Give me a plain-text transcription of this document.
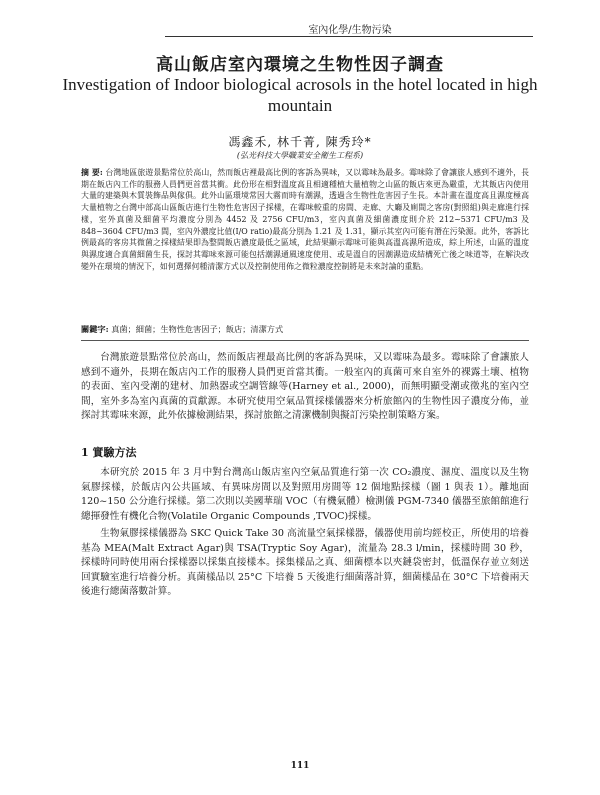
室內化學/生物污染
高山飯店室內環境之生物性因子調查
Investigation of Indoor biological acrosols in the hotel located in high mountain
馮鑫禾, 林千菁, 陳秀玲*
(弘光科技大學職業安全衛生工程系)

摘 要: 台灣地區旅遊景點常位於高山，然而飯店裡最高比例的客訴為異味，又以霉味為最多。霉味除了會讓旅人感到不適外，長期在飯店內工作的服務人員們更首當其衝。此份形在相對溫度高且相適種植大量植物之山區的飯店來更為嚴重，尤其飯店內使用大量的建築與木質裝飾品與傢俱。此外山區環境常因大霧而時有潮濕，透過含生物性危害因子生長。本計畫在溫度高且濕度極高大量植物之台灣中部高山區飯店進行生物性危害因子採樣，在霉味較重的房間、走廊、大廳及廁間之客房(對照組)與走廊進行採樣，室外真菌及細菌平均濃度分別為 4452 及 2756 CFU/m3，室內真菌及細菌濃度則介於 212~5371 CFU/m3 及 848~3604 CFU/m3 間，室內外濃度比值(I/O ratio)最高分別為 1.21 及 1.31，顯示其室內可能有潛在污染源。此外，客訴比例最高的客房其微菌之採樣結果即為整間飯店濃度最低之區域，此結果顯示霉味可能與高溫高濕所造成，綜上所述，山區的溫度與濕度適合真菌細菌生長，探討其霉味來源可能包括潮濕通風速度使用、或是溫自的因潮濕造成結構死亡後之味道等，在解決改變外在環境的情況下，如何選擇何種清潔方式以及控制使用佈之微粒濃度控制將是未來討論的重點。

關鍵字: 真菌；細菌；生物性危害因子；飯店；清潔方式

台灣旅遊景點常位於高山，然而飯店裡最高比例的客訴為異味，又以霉味為最多。霉味除了會讓旅人感到不適外，長期在飯店內工作的服務人員們更首當其衝。一般室內的真菌可來自室外的裸露土壤、植物的表面、室內受潮的建材、加熱器或空調管線等(Harney et al., 2000)，而無明顯受潮或徵兆的室內空間，室外多為室內真菌的貢獻源。本研究使用空氣品質採樣儀器來分析旅館內的生物性因子濃度分佈，並探討其霉味來源，此外依據檢測結果，探討旅館之清潔機制與擬訂污染控制策略方案。

1 實驗方法

本研究於 2015 年 3 月中對台灣高山飯店室內空氣品質進行第一次 CO₂濃度、濕度、溫度以及生物氣膠採樣，於飯店內公共區域、有異味房間以及對照用房間等 12 個地點採樣（圖 1 與表 1）。離地面 120~150 公分進行採樣。第二次則以美國華瑞 VOC（有機氣體）檢測儀 PGM-7340 儀器至旅館館進行總揮發性有機化合物(Volatile Organic Compounds ,TVOC)採樣。

生物氣膠採樣儀器為 SKC Quick Take 30 高流量空氣採樣器，儀器使用前均經校正，所使用的培養基為 MEA(Malt Extract Agar)與 TSA(Tryptic Soy Agar)，流量為 28.3 l/min，採樣時間 30 秒，採樣時同時使用兩台採樣器以採集直接樣本。採集樣品之真、細菌標本以夾鏈袋密封，低溫保存並立刻送回實驗室進行培養分析。真菌樣品以 25°C 下培養 5 天後進行細菌落計算，細菌樣品在 30°C 下培養兩天後進行總菌落數計算。

111
